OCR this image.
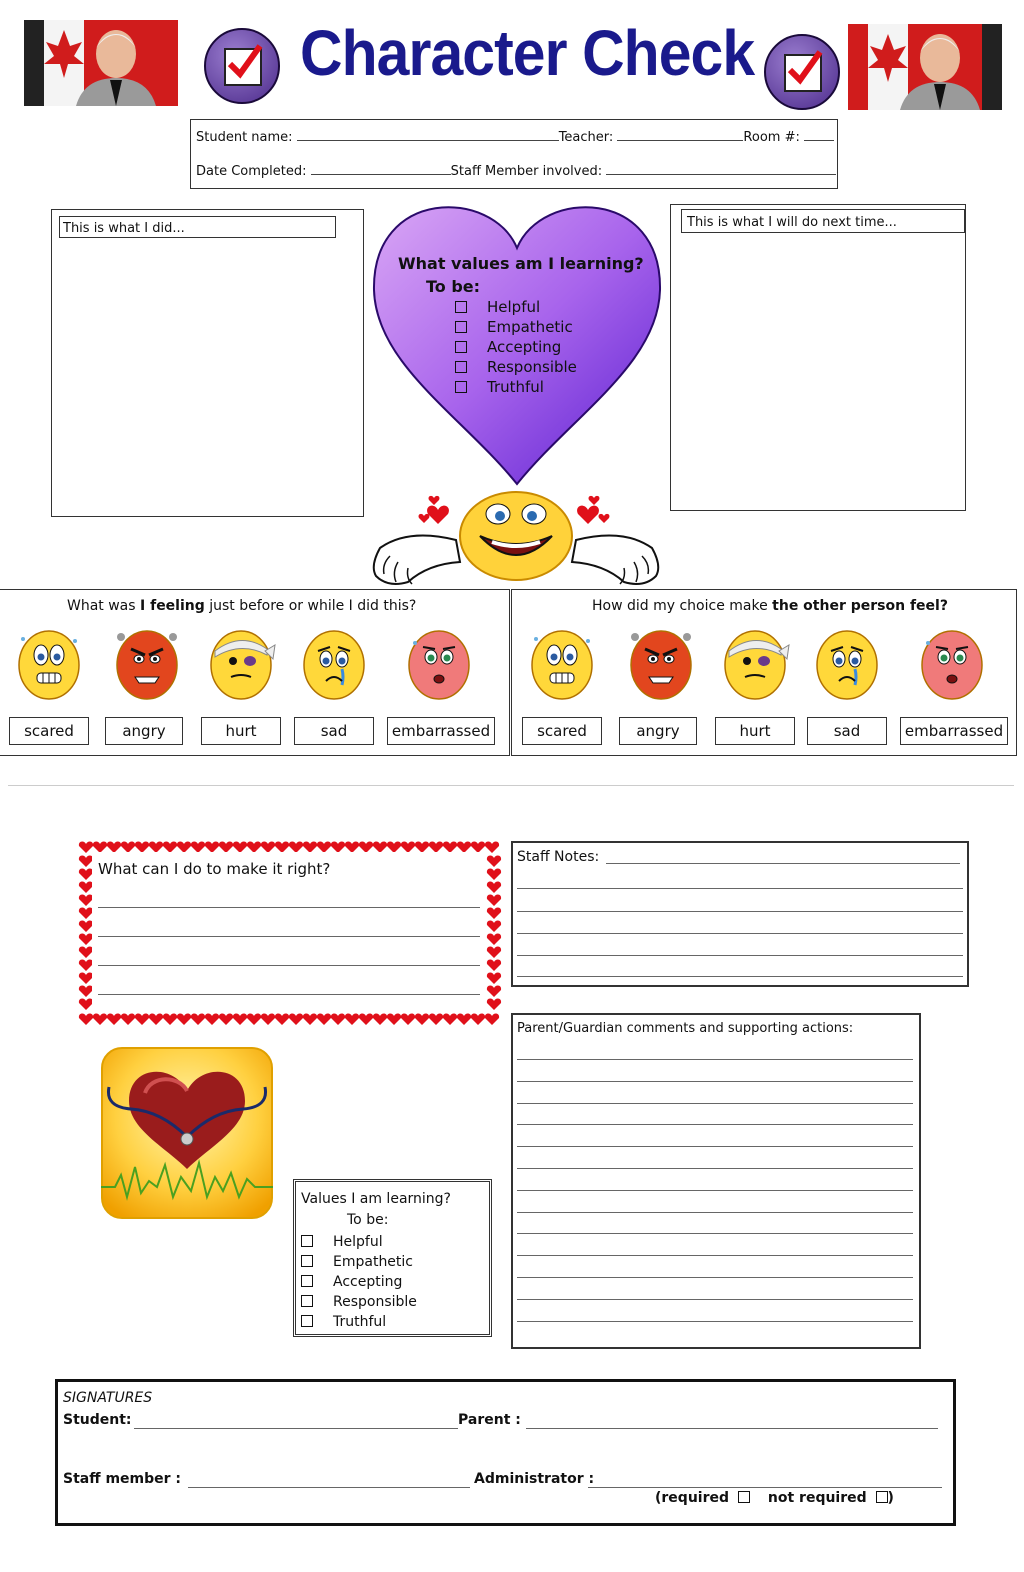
Character Check
Student name:	Teacher:	Room #:
Date Completed:	Staff Member involved:
This is what I did...	This is what I will do next time...
What values am I learning?
To be:
Helpful
Empathetic
Accepting
Responsible
Truthful
What was I feeling just before or while I did this?	How did my choice make the other person feel?
scared	angry	hurt	sad	embarrassed	scared	angry	hurt	sad	embarrassed
What can I do to make it right?
Staff Notes:
Parent/Guardian comments and supporting actions:
Values I am learning?
To be:
Helpful
Empathetic
Accepting
Responsible
Truthful
SIGNATURES
Student:	Parent :
Staff member :	Administrator :
(required	not required )
